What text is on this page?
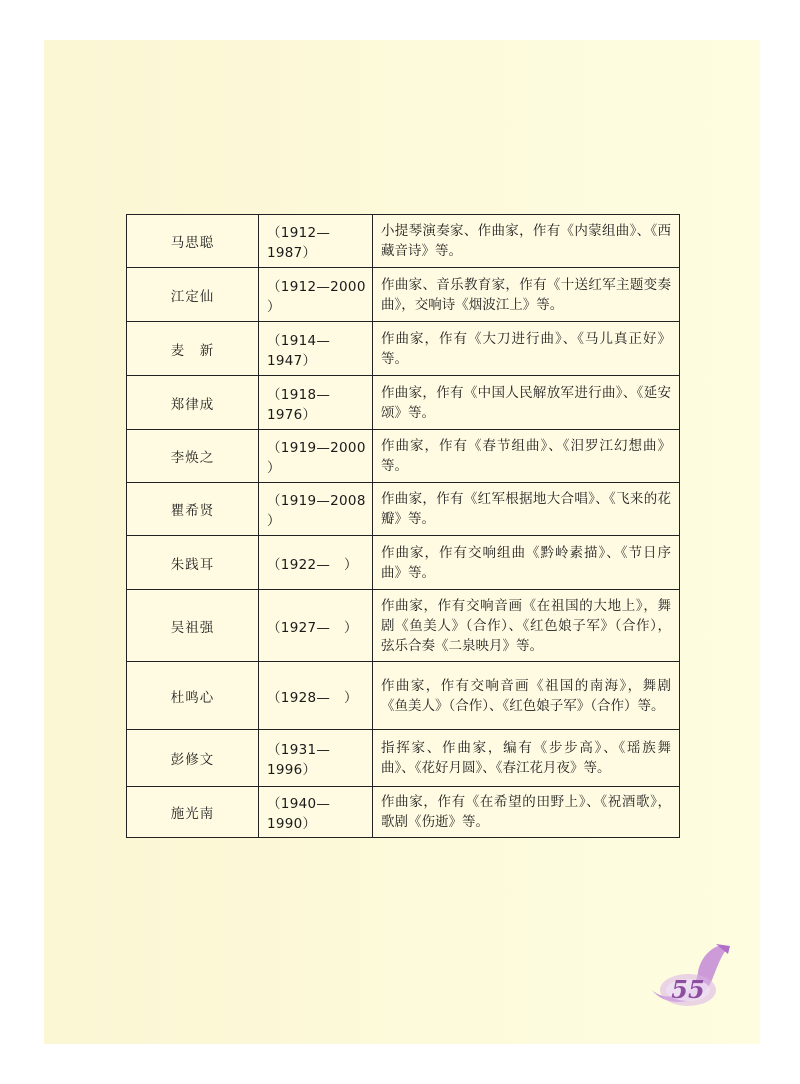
马思聪	（1912—1987）	小提琴演奏家、作曲家，作有《内蒙组曲》、《西藏音诗》等。
江定仙	（1912—2000 ）	作曲家、音乐教育家，作有《十送红军主题变奏曲》，交响诗《烟波江上》等。
麦　新	（1914—1947）	作曲家，作有《大刀进行曲》、《马儿真正好》等。
郑律成	（1918—1976）	作曲家，作有《中国人民解放军进行曲》、《延安颂》等。
李焕之	（1919—2000 ）	作曲家，作有《春节组曲》、《汨罗江幻想曲》等。
瞿希贤	（1919—2008 ）	作曲家，作有《红军根据地大合唱》、《飞来的花瓣》等。
朱践耳	（1922—　）	作曲家，作有交响组曲《黔岭素描》、《节日序曲》等。
吴祖强	（1927—　）	作曲家，作有交响音画《在祖国的大地上》，舞剧《鱼美人》（合作）、《红色娘子军》（合作），弦乐合奏《二泉映月》等。
杜鸣心	（1928—　）	作曲家，作有交响音画《祖国的南海》，舞剧《鱼美人》（合作）、《红色娘子军》（合作）等。
彭修文	（1931—1996）	指挥家、作曲家，编有《步步高》、《瑶族舞曲》、《花好月圆》、《春江花月夜》等。
施光南	（1940—1990）	作曲家，作有《在希望的田野上》、《祝酒歌》，歌剧《伤逝》等。
55
